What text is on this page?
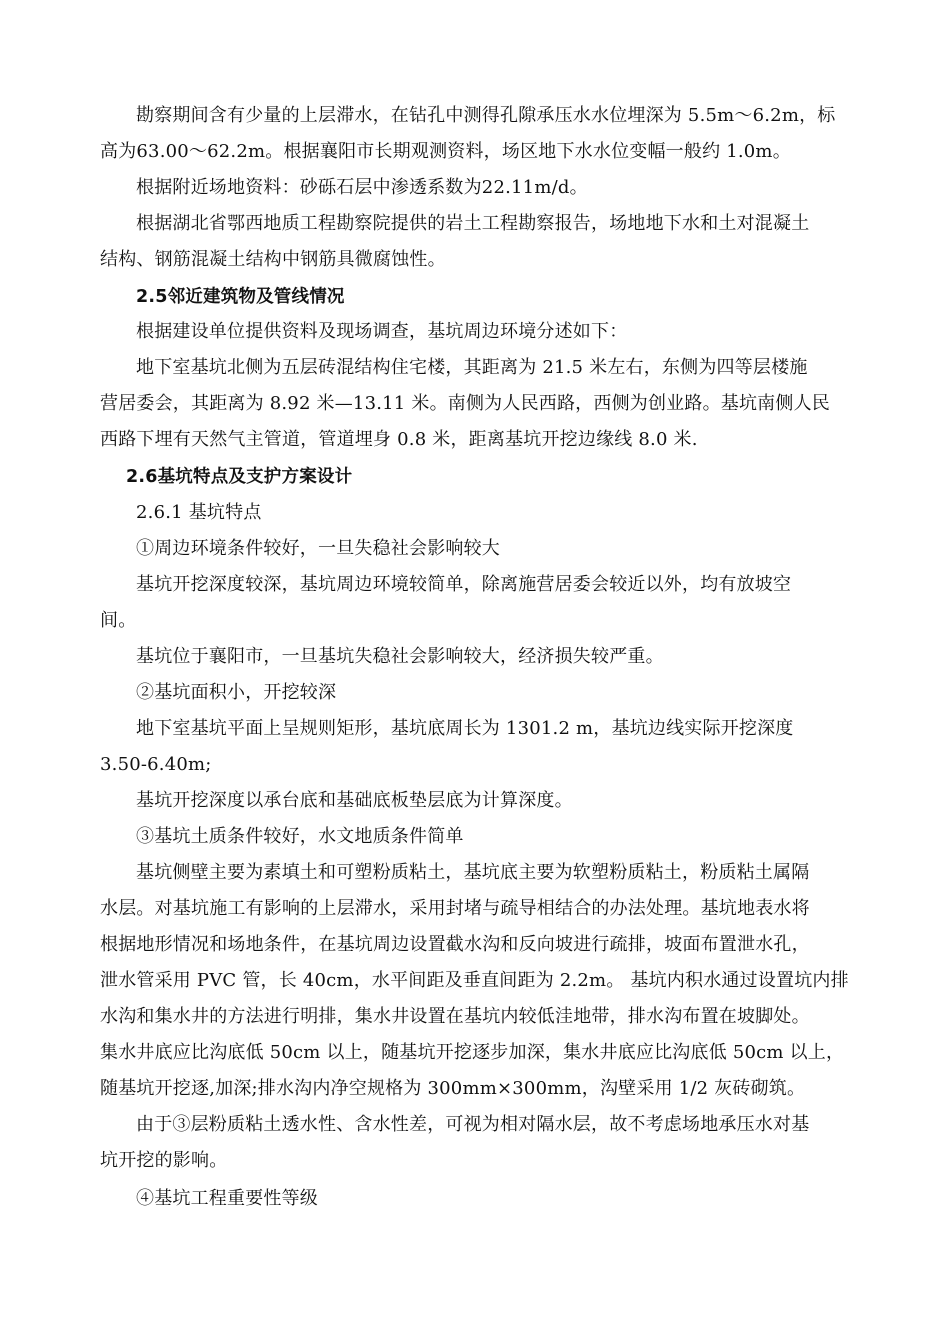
勘察期间含有少量的上层滞水，在钻孔中测得孔隙承压水水位埋深为 5.5m～6.2m，标
高为63.00～62.2m。根据襄阳市长期观测资料，场区地下水水位变幅一般约 1.0m。
根据附近场地资料：砂砾石层中渗透系数为22.11m/d。
根据湖北省鄂西地质工程勘察院提供的岩土工程勘察报告，场地地下水和土对混凝土
结构、钢筋混凝土结构中钢筋具微腐蚀性。
2.5邻近建筑物及管线情况
根据建设单位提供资料及现场调查，基坑周边环境分述如下：
地下室基坑北侧为五层砖混结构住宅楼，其距离为 21.5 米左右，东侧为四等层楼施
营居委会，其距离为 8.92 米—13.11 米。南侧为人民西路，西侧为创业路。基坑南侧人民
西路下埋有天然气主管道，管道埋身 0.8 米，距离基坑开挖边缘线 8.0 米.
2.6基坑特点及支护方案设计
2.6.1 基坑特点
①周边环境条件较好，一旦失稳社会影响较大
基坑开挖深度较深，基坑周边环境较简单，除离施营居委会较近以外，均有放坡空
间。
基坑位于襄阳市，一旦基坑失稳社会影响较大，经济损失较严重。
②基坑面积小，开挖较深
地下室基坑平面上呈规则矩形，基坑底周长为 1301.2 m，基坑边线实际开挖深度
3.50-6.40m;
基坑开挖深度以承台底和基础底板垫层底为计算深度。
③基坑土质条件较好，水文地质条件简单
基坑侧壁主要为素填土和可塑粉质粘土，基坑底主要为软塑粉质粘土，粉质粘土属隔
水层。对基坑施工有影响的上层滞水，采用封堵与疏导相结合的办法处理。基坑地表水将
根据地形情况和场地条件，在基坑周边设置截水沟和反向坡进行疏排，坡面布置泄水孔，
泄水管采用 PVC 管，长 40cm，水平间距及垂直间距为 2.2m。 基坑内积水通过设置坑内排
水沟和集水井的方法进行明排，集水井设置在基坑内较低洼地带，排水沟布置在坡脚处。
集水井底应比沟底低 50cm 以上，随基坑开挖逐步加深，集水井底应比沟底低 50cm 以上，
随基坑开挖逐,加深;排水沟内净空规格为 300mm×300mm，沟壁采用 1/2 灰砖砌筑。
由于③层粉质粘土透水性、含水性差，可视为相对隔水层，故不考虑场地承压水对基
坑开挖的影响。
④基坑工程重要性等级
